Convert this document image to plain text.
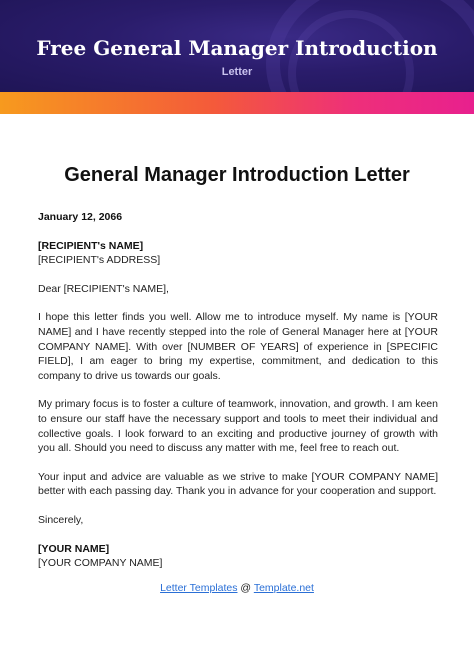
Free General Manager Introduction
Letter
General Manager Introduction Letter
January 12, 2066
[RECIPIENT's NAME]
[RECIPIENT's ADDRESS]
Dear [RECIPIENT's NAME],

I hope this letter finds you well. Allow me to introduce myself. My name is [YOUR NAME] and I have recently stepped into the role of General Manager here at [YOUR COMPANY NAME]. With over [NUMBER OF YEARS] of experience in [SPECIFIC FIELD], I am eager to bring my expertise, commitment, and dedication to this company to drive us towards our goals.

My primary focus is to foster a culture of teamwork, innovation, and growth. I am keen to ensure our staff have the necessary support and tools to meet their individual and collective goals. I look forward to an exciting and productive journey of growth with you all. Should you need to discuss any matter with me, feel free to reach out.

Your input and advice are valuable as we strive to make [YOUR COMPANY NAME] better with each passing day. Thank you in advance for your cooperation and support.

Sincerely,
[YOUR NAME]
[YOUR COMPANY NAME]
Letter Templates @ Template.net
